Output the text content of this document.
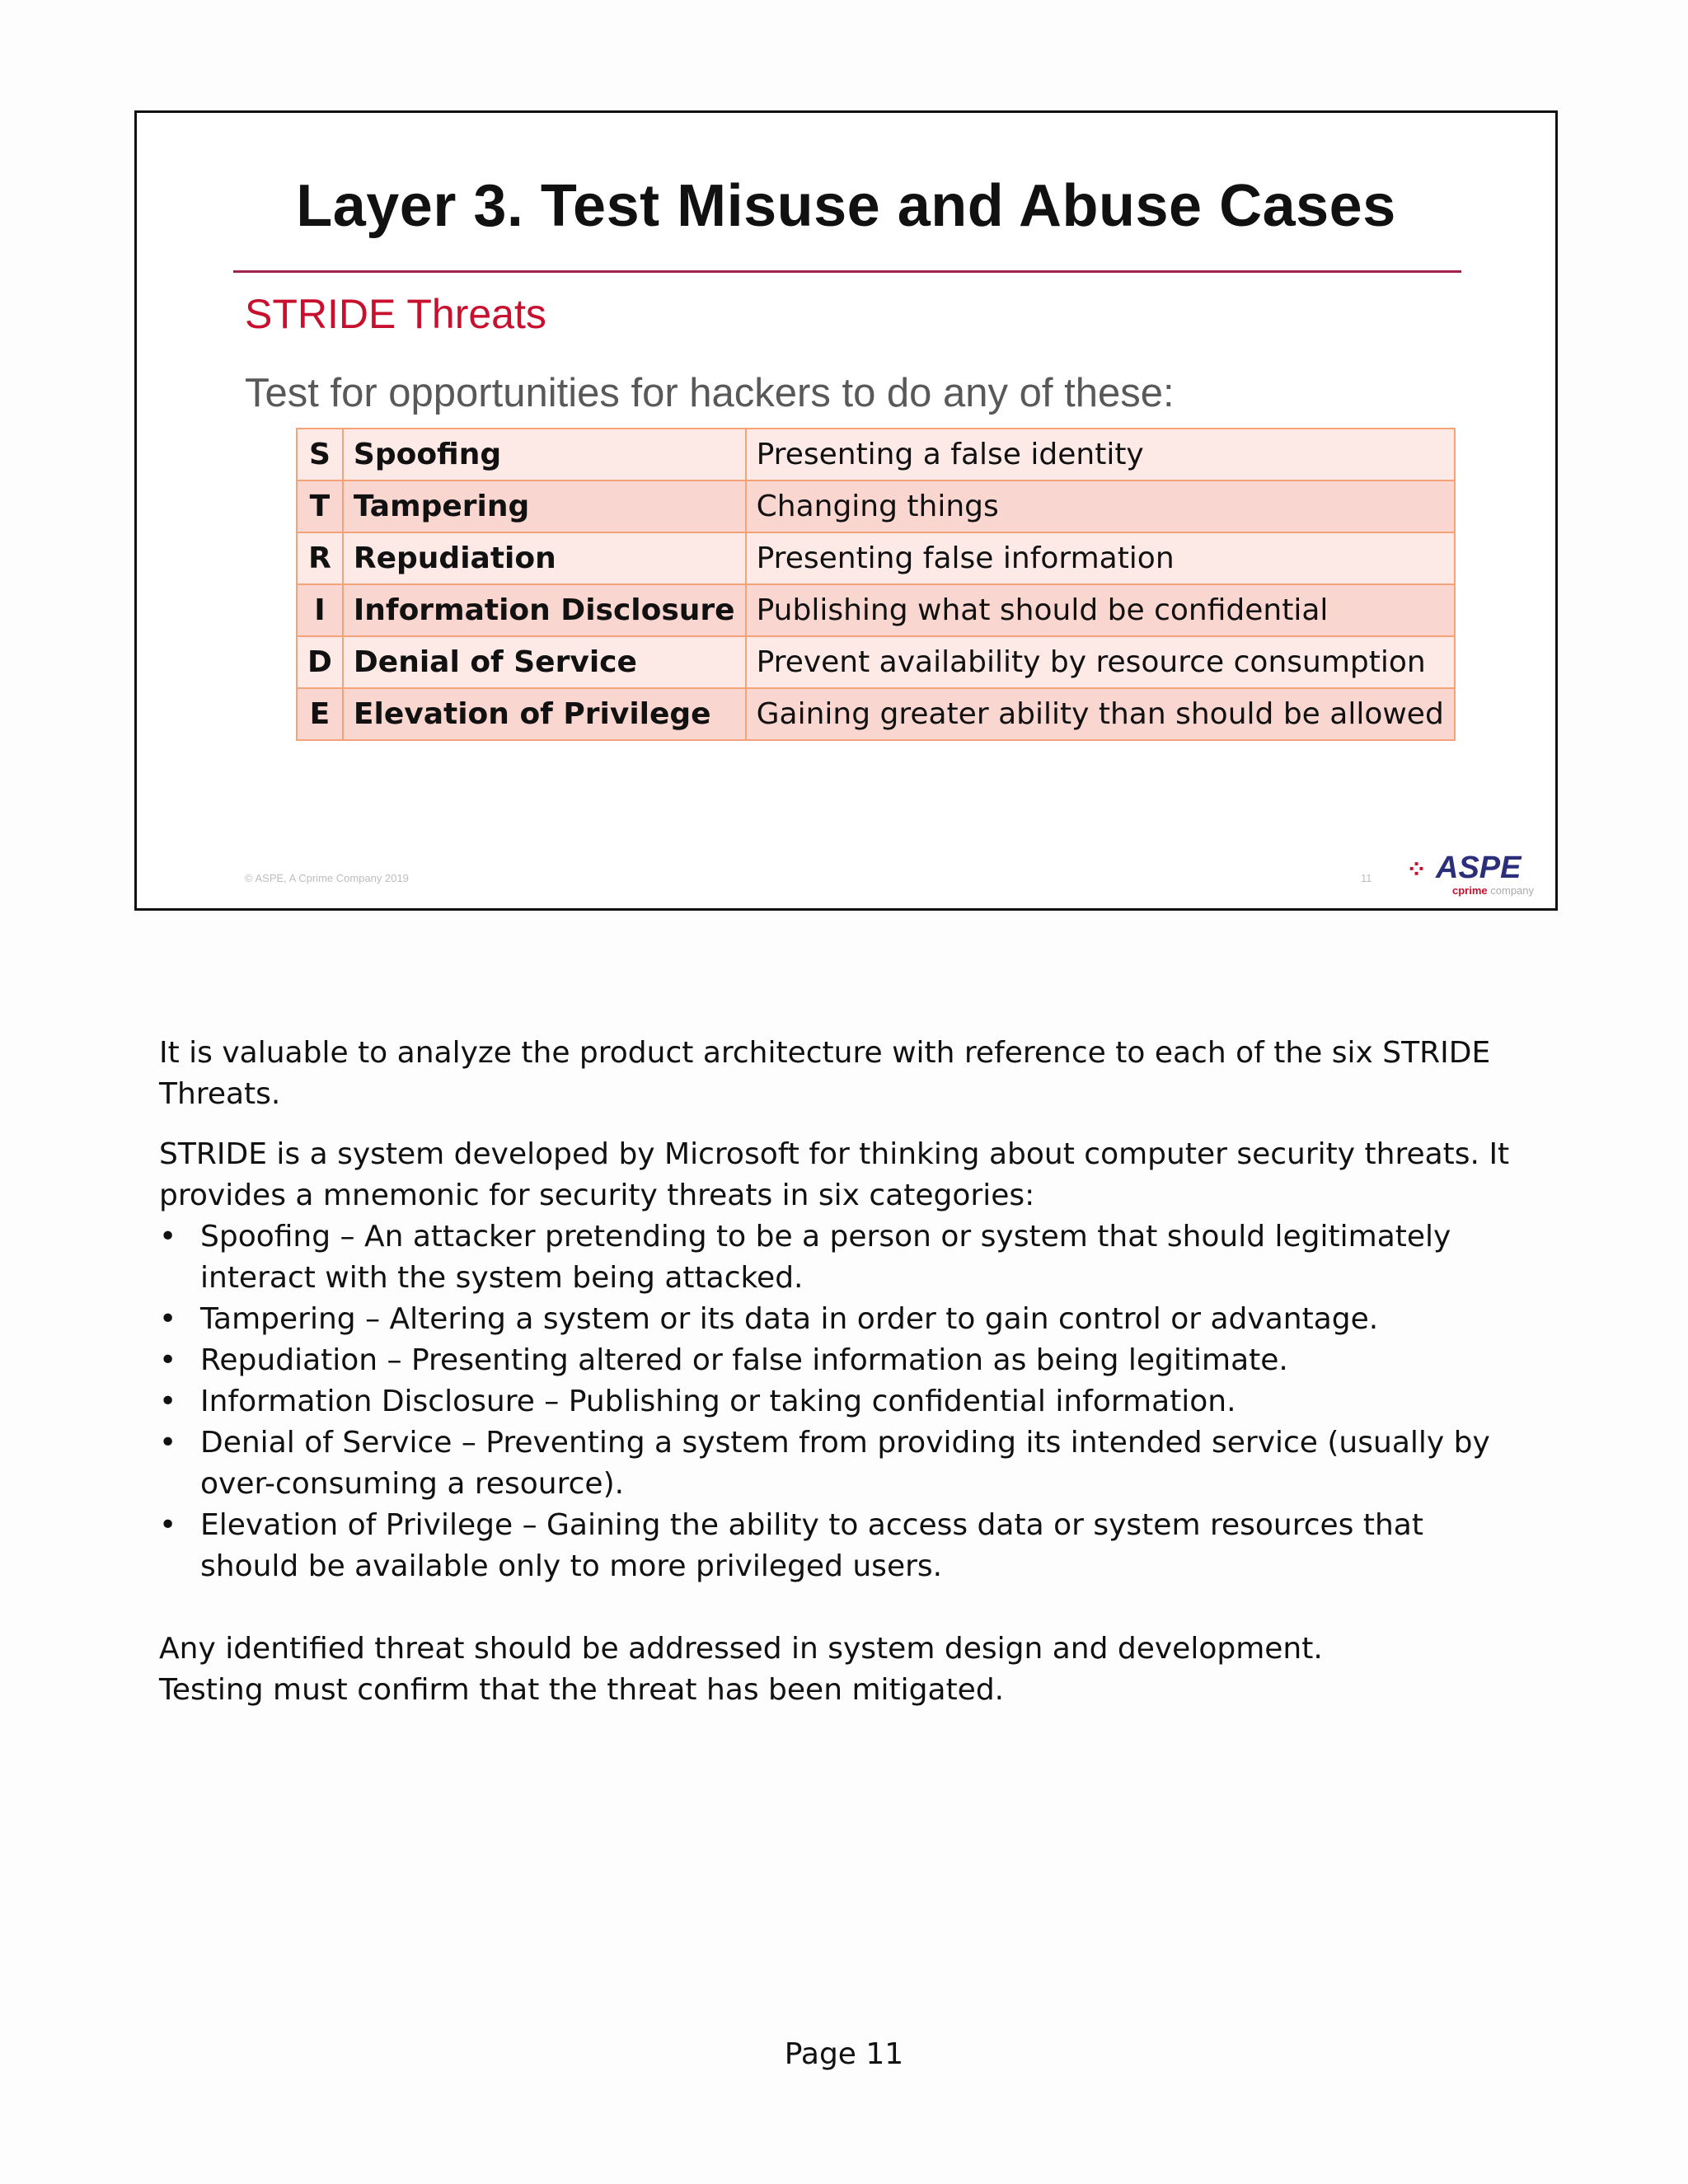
Layer 3. Test Misuse and Abuse Cases
STRIDE Threats
Test for opportunities for hackers to do any of these:
S	Spoofing	Presenting a false identity
T	Tampering	Changing things
R	Repudiation	Presenting false information
I	Information Disclosure	Publishing what should be confidential
D	Denial of Service	Prevent availability by resource consumption
E	Elevation of Privilege	Gaining greater ability than should be allowed
© ASPE, A Cprime Company 2019	11 ⁘ ASPE
cprime company

It is valuable to analyze the product architecture with reference to each of the six STRIDE Threats.

STRIDE is a system developed by Microsoft for thinking about computer security threats. It provides a mnemonic for security threats in six categories:

• Spoofing – An attacker pretending to be a person or system that should legitimately interact with the system being attacked.
• Tampering – Altering a system or its data in order to gain control or advantage.
• Repudiation – Presenting altered or false information as being legitimate.
• Information Disclosure – Publishing or taking confidential information.
• Denial of Service – Preventing a system from providing its intended service (usually by over-consuming a resource).
• Elevation of Privilege – Gaining the ability to access data or system resources that should be available only to more privileged users.

Any identified threat should be addressed in system design and development.

Testing must confirm that the threat has been mitigated.

Page 11
